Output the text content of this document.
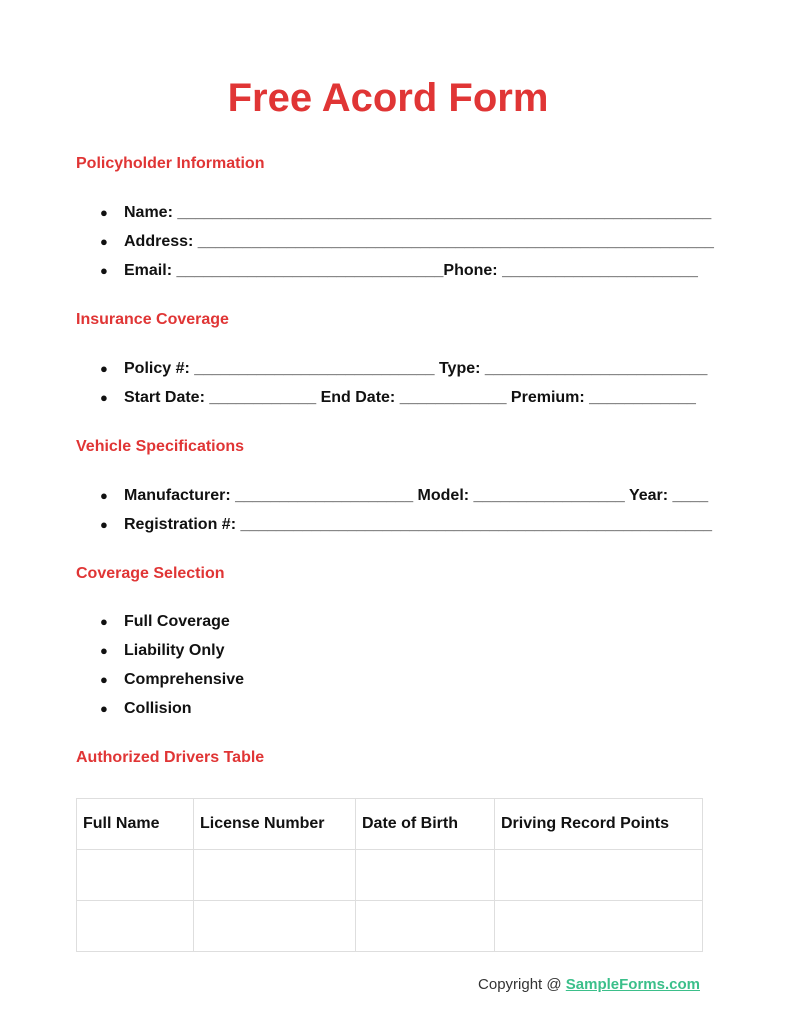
Free Acord Form
Policyholder Information
● Name: ____________________________________________________________
● Address: __________________________________________________________
● Email: ______________________________Phone: ______________________
Insurance Coverage
● Policy #: ___________________________ Type: _________________________
● Start Date: ____________ End Date: ____________ Premium: ____________
Vehicle Specifications
● Manufacturer: ____________________ Model: _________________ Year: ____
● Registration #: _____________________________________________________
Coverage Selection
● Full Coverage
● Liability Only
● Comprehensive
● Collision
Authorized Drivers Table
Full Name	License Number	Date of Birth	Driving Record Points

Copyright @ SampleForms.com
